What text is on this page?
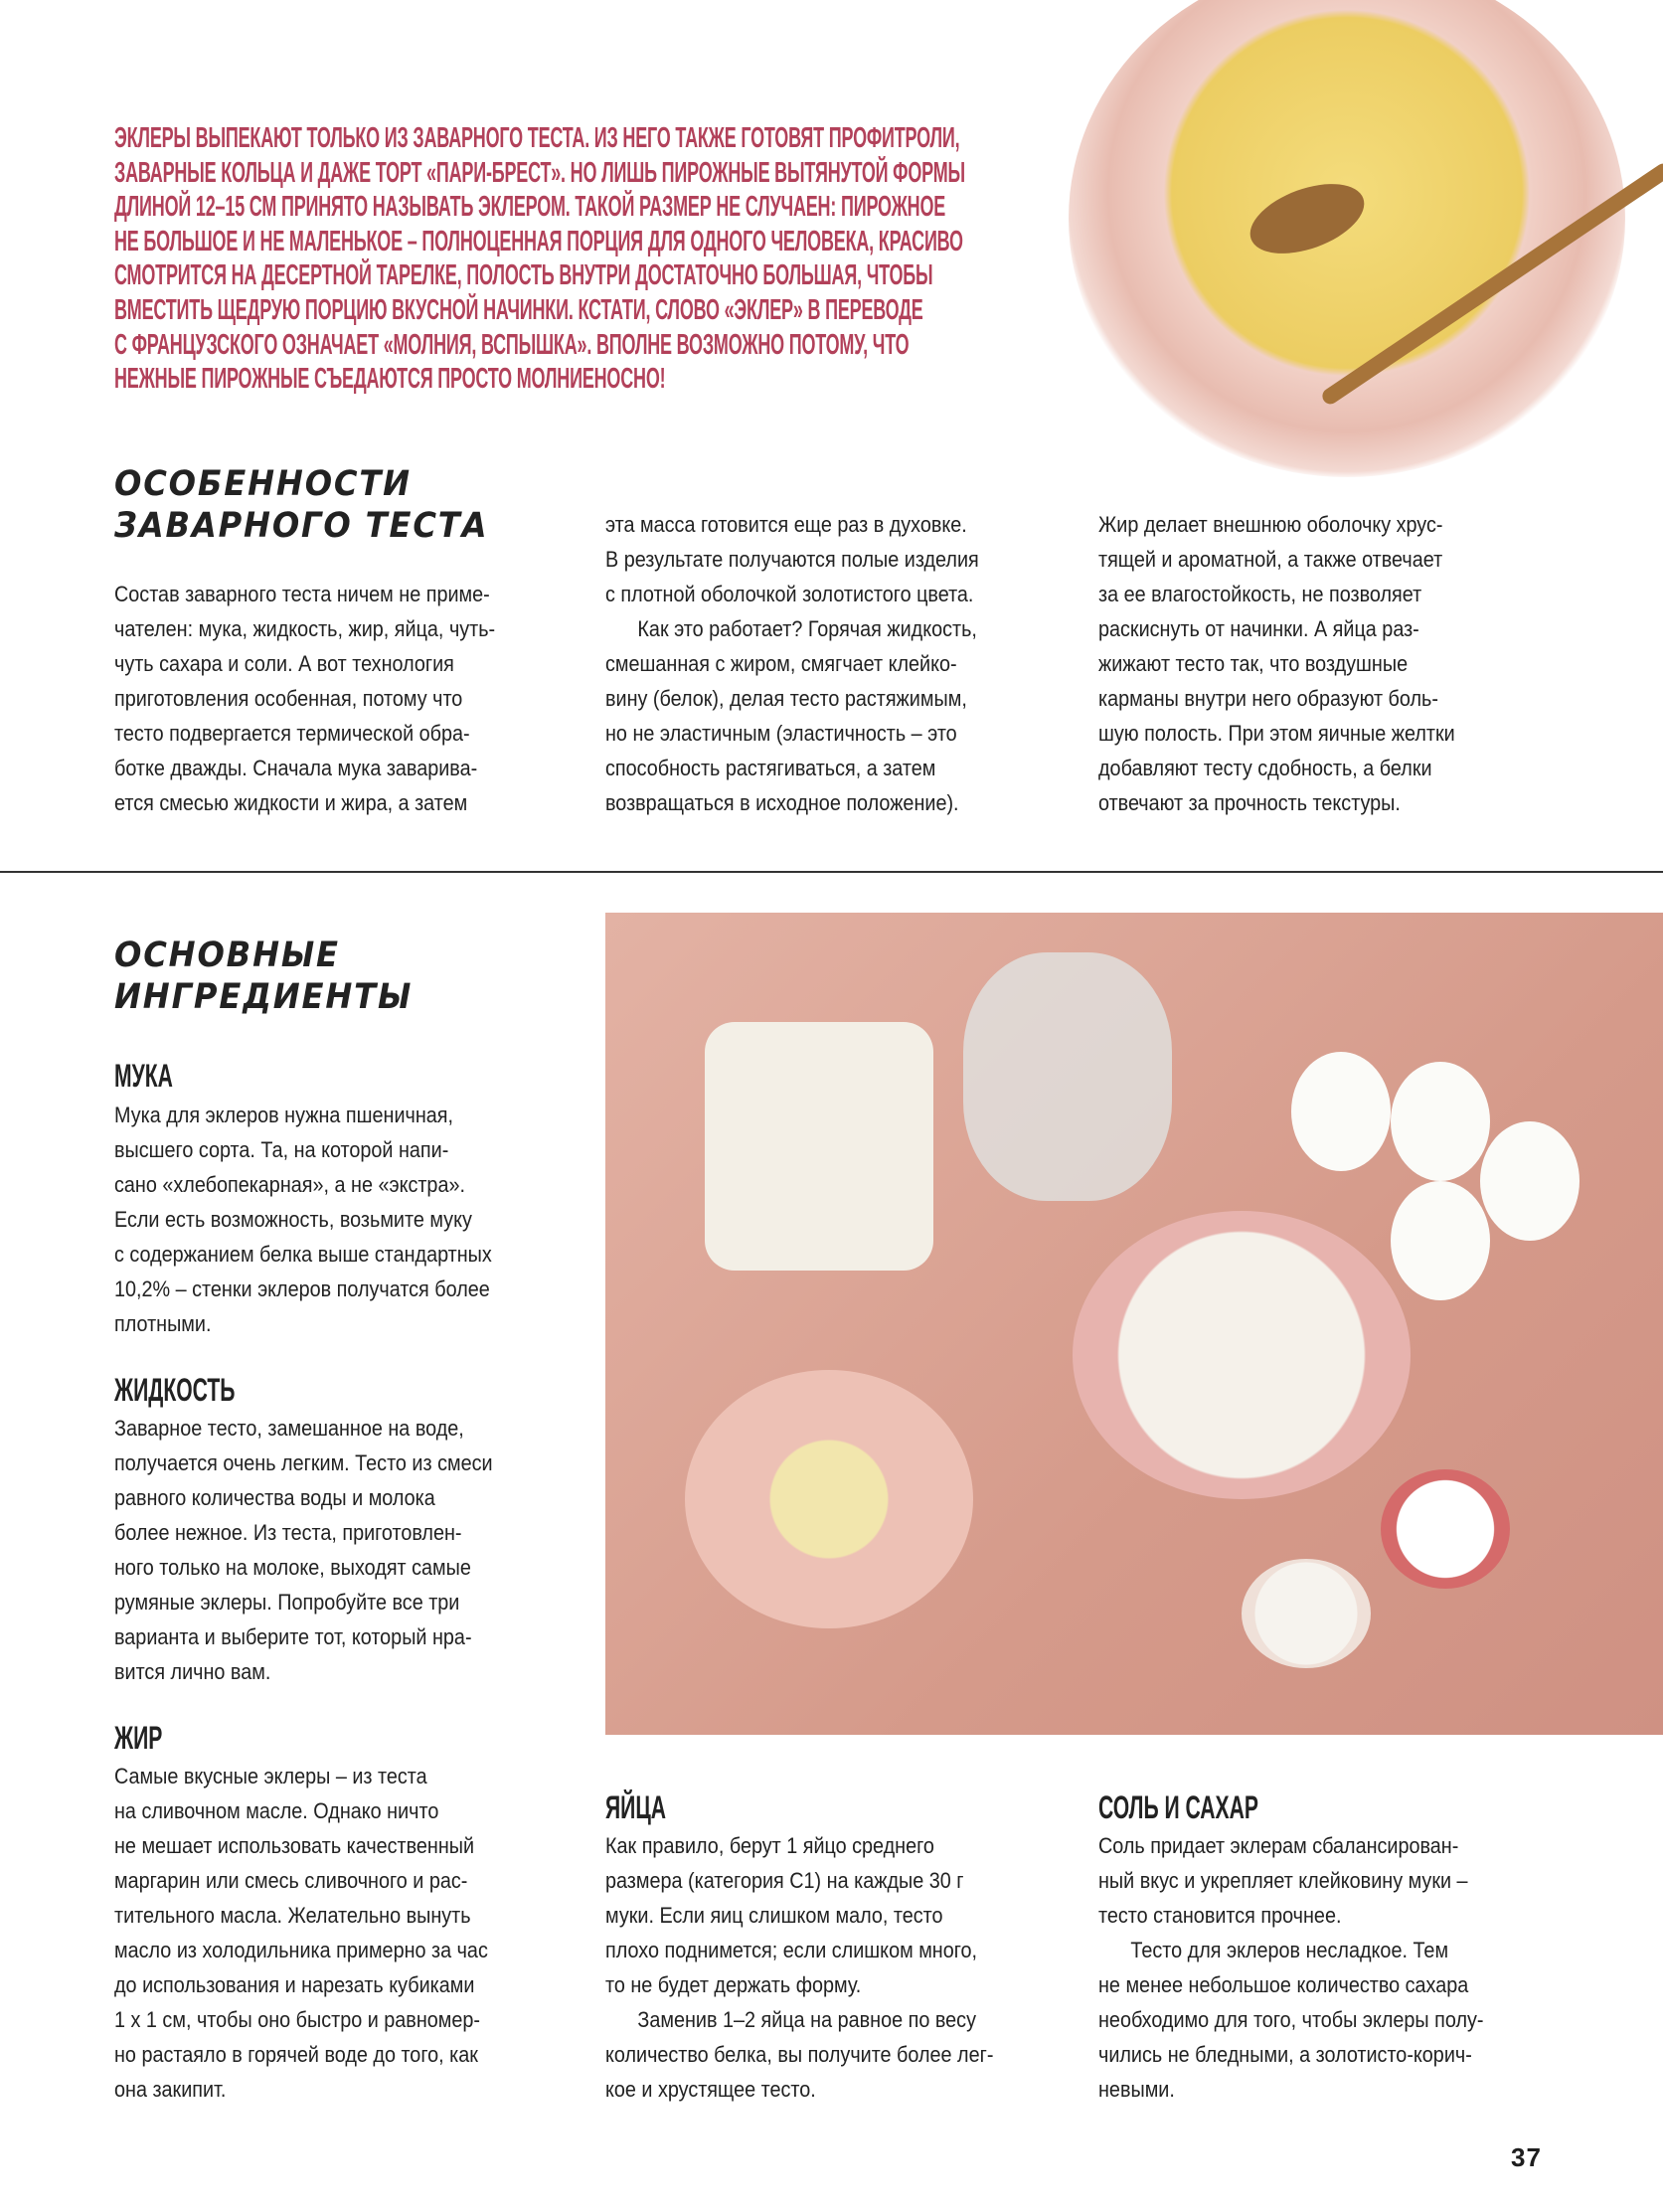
ЭКЛЕРЫ ВЫПЕКАЮТ ТОЛЬКО ИЗ ЗАВАРНОГО ТЕСТА. ИЗ НЕГО ТАКЖЕ ГОТОВЯТ ПРОФИТРОЛИ,
ЗАВАРНЫЕ КОЛЬЦА И ДАЖЕ ТОРТ «ПАРИ-БРЕСТ». НО ЛИШЬ ПИРОЖНЫЕ ВЫТЯНУТОЙ ФОРМЫ
ДЛИНОЙ 12–15 СМ ПРИНЯТО НАЗЫВАТЬ ЭКЛЕРОМ. ТАКОЙ РАЗМЕР НЕ СЛУЧАЕН: ПИРОЖНОЕ
НЕ БОЛЬШОЕ И НЕ МАЛЕНЬКОЕ – ПОЛНОЦЕННАЯ ПОРЦИЯ ДЛЯ ОДНОГО ЧЕЛОВЕКА, КРАСИВО
СМОТРИТСЯ НА ДЕСЕРТНОЙ ТАРЕЛКЕ, ПОЛОСТЬ ВНУТРИ ДОСТАТОЧНО БОЛЬШАЯ, ЧТОБЫ
ВМЕСТИТЬ ЩЕДРУЮ ПОРЦИЮ ВКУСНОЙ НАЧИНКИ. КСТАТИ, СЛОВО «ЭКЛЕР» В ПЕРЕВОДЕ
С ФРАНЦУЗСКОГО ОЗНАЧАЕТ «МОЛНИЯ, ВСПЫШКА». ВПОЛНЕ ВОЗМОЖНО ПОТОМУ, ЧТО
НЕЖНЫЕ ПИРОЖНЫЕ СЪЕДАЮТСЯ ПРОСТО МОЛНИЕНОСНО!
ОСОБЕННОСТИ
ЗАВАРНОГО ТЕСТА
Состав заварного теста ничем не приме-
чателен: мука, жидкость, жир, яйца, чуть-
чуть сахара и соли. А вот технология
приготовления особенная, потому что
тесто подвергается термической обра-
ботке дважды. Сначала мука заварива-
ется смесью жидкости и жира, а затем
эта масса готовится еще раз в духовке.
В результате получаются полые изделия
с плотной оболочкой золотистого цвета.
Как это работает? Горячая жидкость,
смешанная с жиром, смягчает клейко-
вину (белок), делая тесто растяжимым,
но не эластичным (эластичность – это
способность растягиваться, а затем
возвращаться в исходное положение).
Жир делает внешнюю оболочку хрус-
тящей и ароматной, а также отвечает
за ее влагостойкость, не позволяет
раскиснуть от начинки. А яйца раз-
жижают тесто так, что воздушные
карманы внутри него образуют боль-
шую полость. При этом яичные желтки
добавляют тесту сдобность, а белки
отвечают за прочность текстуры.
ОСНОВНЫЕ
ИНГРЕДИЕНТЫ
МУКА
Мука для эклеров нужна пшеничная,
высшего сорта. Та, на которой напи-
сано «хлебопекарная», а не «экстра».
Если есть возможность, возьмите муку
с содержанием белка выше стандартных
10,2% – стенки эклеров получатся более
плотными.
ЖИДКОСТЬ
Заварное тесто, замешанное на воде,
получается очень легким. Тесто из смеси
равного количества воды и молока
более нежное. Из теста, приготовлен-
ного только на молоке, выходят самые
румяные эклеры. Попробуйте все три
варианта и выберите тот, который нра-
вится лично вам.
ЖИР
Самые вкусные эклеры – из теста
на сливочном масле. Однако ничто
не мешает использовать качественный
маргарин или смесь сливочного и рас-
тительного масла. Желательно вынуть
масло из холодильника примерно за час
до использования и нарезать кубиками
1 х 1 см, чтобы оно быстро и равномер-
но растаяло в горячей воде до того, как
она закипит.
ЯЙЦА
Как правило, берут 1 яйцо среднего
размера (категория С1) на каждые 30 г
муки. Если яиц слишком мало, тесто
плохо поднимется; если слишком много,
то не будет держать форму.
Заменив 1–2 яйца на равное по весу
количество белка, вы получите более лег-
кое и хрустящее тесто.
СОЛЬ И САХАР
Соль придает эклерам сбалансирован-
ный вкус и укрепляет клейковину муки –
тесто становится прочнее.
Тесто для эклеров несладкое. Тем
не менее небольшое количество сахара
необходимо для того, чтобы эклеры полу-
чились не бледными, а золотисто-корич-
невыми.
37
